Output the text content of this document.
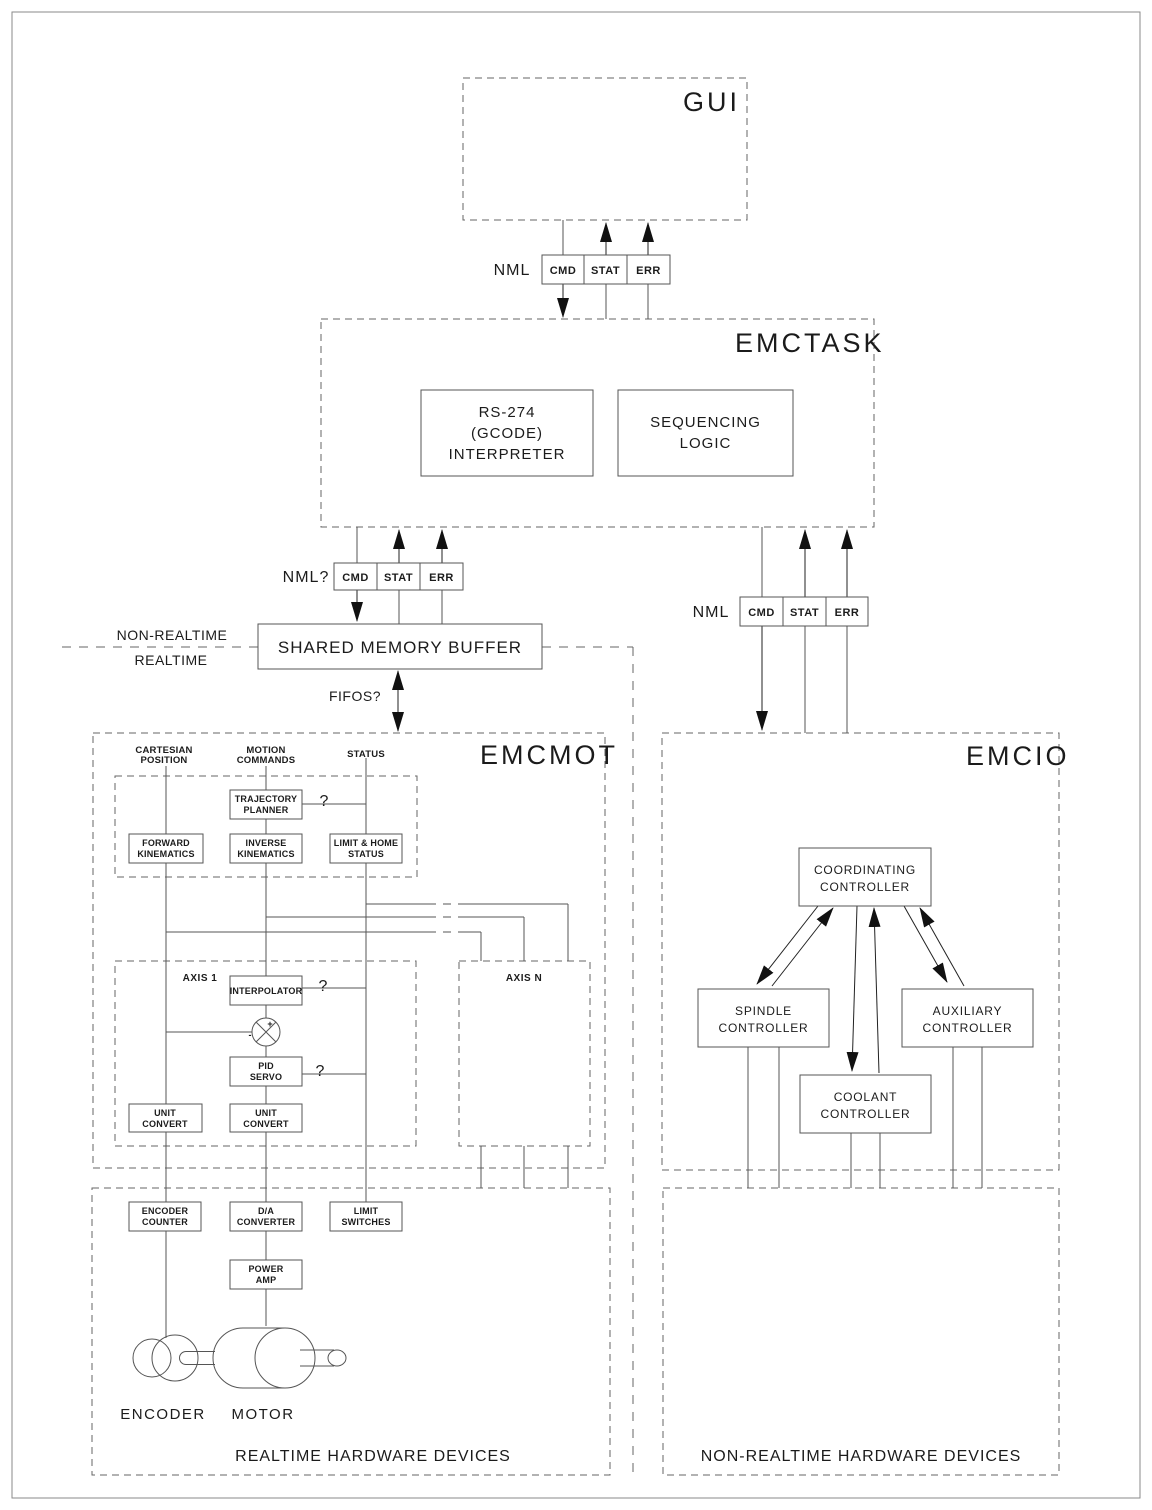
+
-
GUI
EMCTASK
EMCMOT	EMCIO
NML CMD STAT ERR
NML? CMD STAT ERR
NML CMD STAT ERR
RS-274
(GCODE)
INTERPRETER
SEQUENCING
LOGIC
SHARED MEMORY BUFFER
NON-REALTIME
REALTIME
FIFOS?
CARTESIAN
POSITION
MOTION
COMMANDS
STATUS
TRAJECTORY
PLANNER
FORWARD
KINEMATICS
INVERSE
KINEMATICS
LIMIT & HOME
STATUS
AXIS 1	AXIS N
INTERPOLATOR
PID
SERVO
UNIT
CONVERT
UNIT
CONVERT
?
?
?
COORDINATING
CONTROLLER
SPINDLE
CONTROLLER
AUXILIARY
CONTROLLER
COOLANT
CONTROLLER
ENCODER
COUNTER
D/A
CONVERTER
LIMIT
SWITCHES
POWER
AMP
ENCODER MOTOR
REALTIME HARDWARE DEVICES	NON-REALTIME HARDWARE DEVICES
